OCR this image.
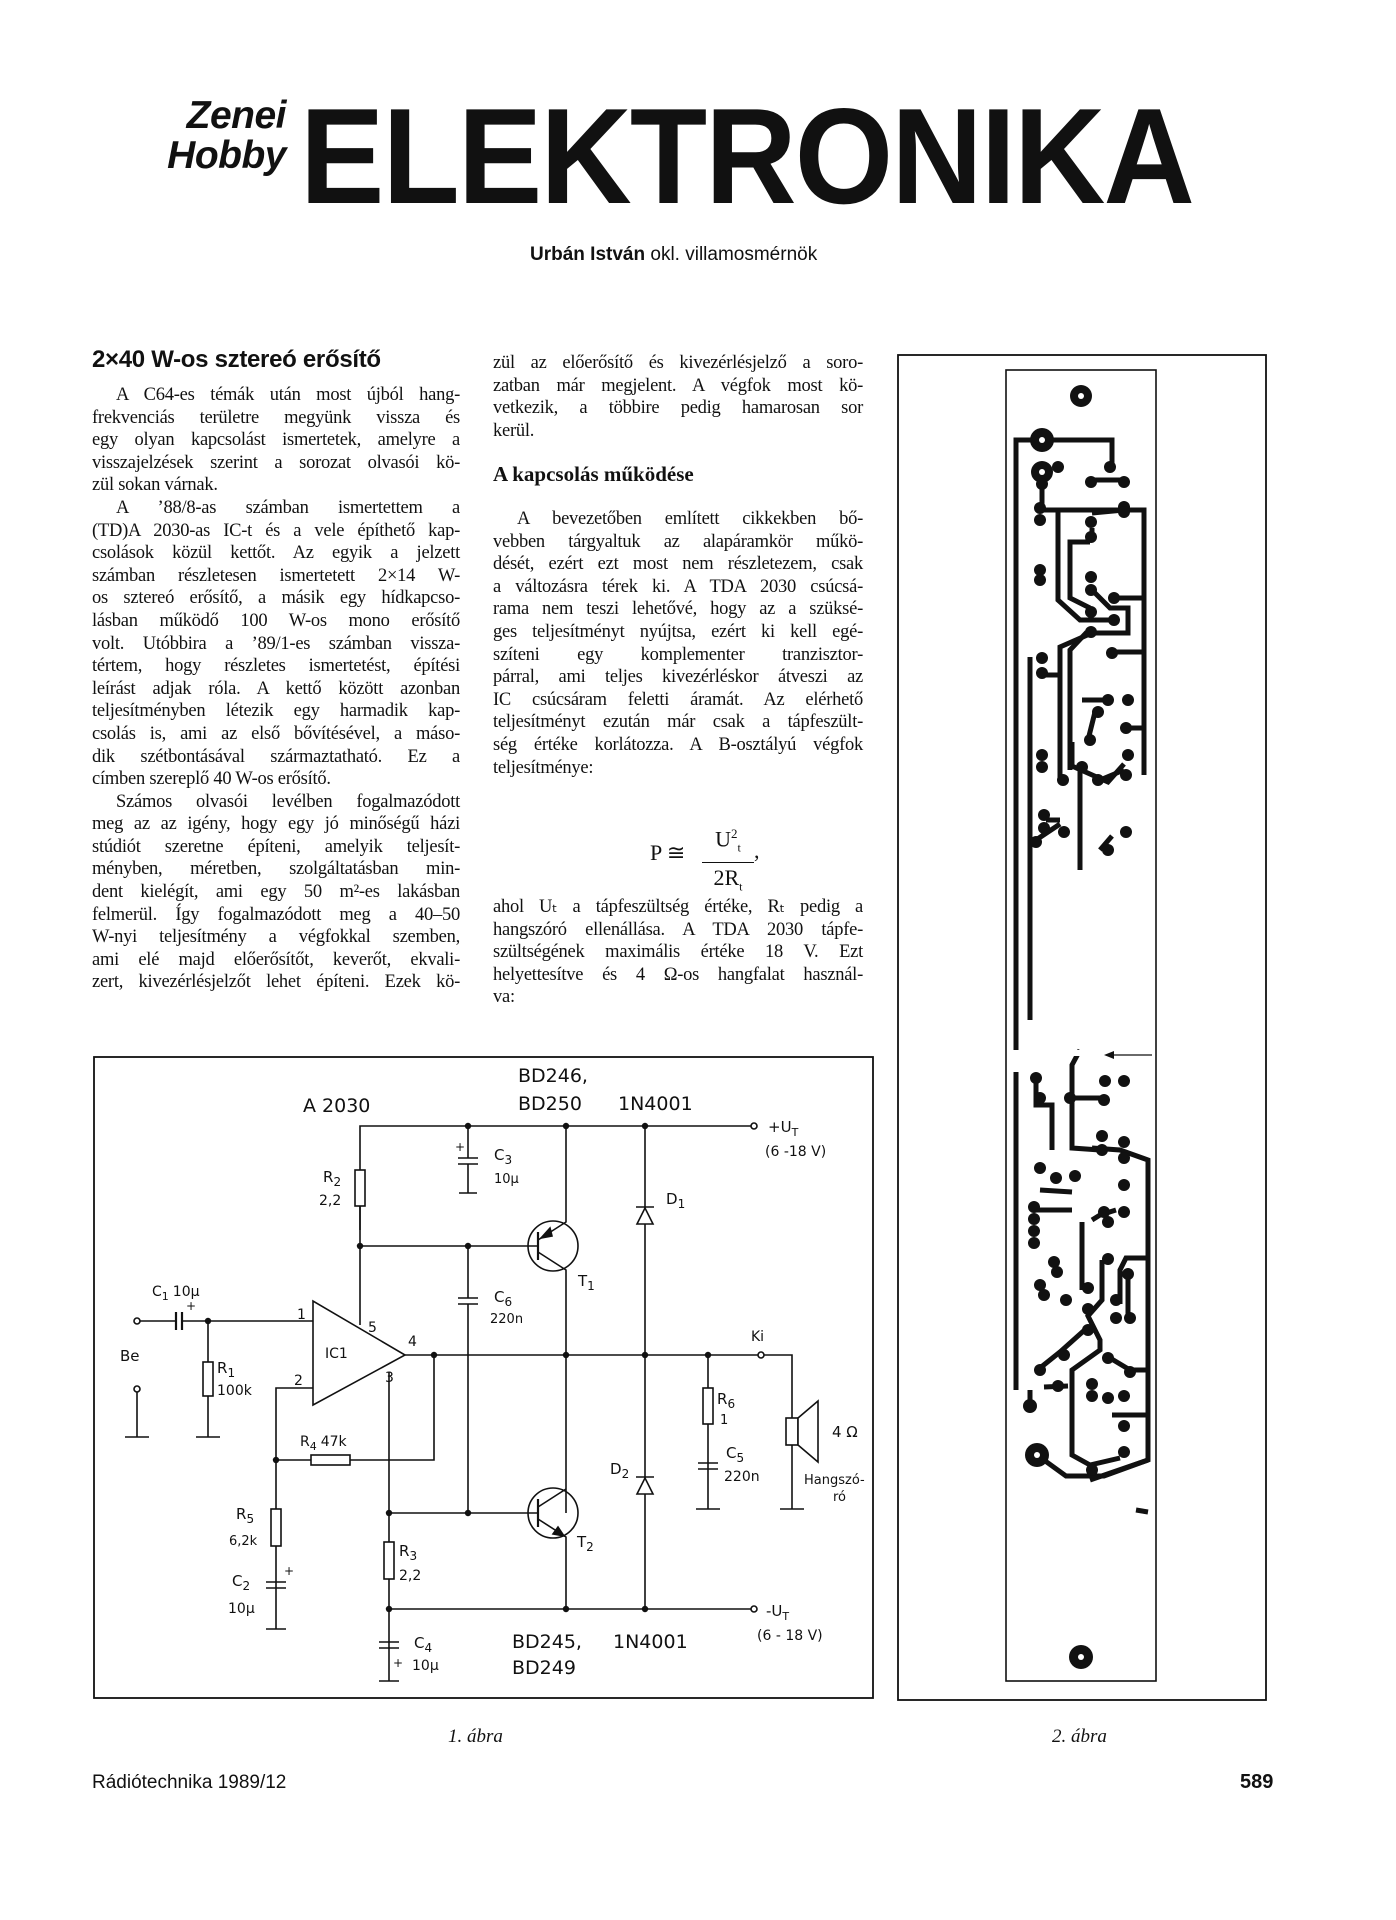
Zenei
Hobby ELEKTRONIKA
Urbán István okl. villamosmérnök
2×40 W-os sztereó erősítő
A C64-es témák után most újból hang-
frekvenciás területre megyünk vissza és
egy olyan kapcsolást ismertetek, amelyre a
visszajelzések szerint a sorozat olvasói kö-
zül sokan várnak.
A ’88/8-as számban ismertettem a
(TD)A 2030-as IC-t és a vele építhető kap-
csolások közül kettőt. Az egyik a jelzett
számban részletesen ismertetett 2×14 W-
os sztereó erősítő, a másik egy hídkapcso-
lásban működő 100 W-os mono erősítő
volt. Utóbbira a ’89/1-es számban vissza-
tértem, hogy részletes ismertetést, építési
leírást adjak róla. A kettő között azonban
teljesítményben létezik egy harmadik kap-
csolás is, ami az első bővítésével, a máso-
dik szétbontásával származtatható. Ez a
címben szereplő 40 W-os erősítő.
Számos olvasói levélben fogalmazódott
meg az az igény, hogy egy jó minőségű házi
stúdiót szeretne építeni, amelyik teljesít-
ményben, méretben, szolgáltatásban min-
dent kielégít, ami egy 50 m²-es lakásban
felmerül. Így fogalmazódott meg a 40–50
W-nyi teljesítmény a végfokkal szemben,
ami elé majd előerősítőt, keverőt, ekvali-
zert, kivezérlésjelzőt lehet építeni. Ezek kö-
zül az előerősítő és kivezérlésjelző a soro-
zatban már megjelent. A végfok most kö-
vetkezik, a többire pedig hamarosan sor
kerül.
A kapcsolás működése
A bevezetőben említett cikkekben bő-
vebben tárgyaltuk az alapáramkör műkö-
dését, ezért ezt most nem részletezem, csak
a változásra térek ki. A TDA 2030 csúcsá-
rama nem teszi lehetővé, hogy az a szüksé-
ges teljesítményt nyújtsa, ezért ki kell egé-
szíteni egy komplementer tranzisztor-
párral, ami teljes kivezérléskor átveszi az
IC csúcsáram feletti áramát. Az elérhető
teljesítményt ezután már csak a tápfeszült-
ség értéke korlátozza. A B-osztályú végfok
teljesítménye:
P ≅ $\frac{U^2_t}{2R_t}$ ,
ahol Uₜ a tápfeszültség értéke, Rₜ pedig a
hangszóró ellenállása. A TDA 2030 tápfe-
szültségének maximális értéke 18 V. Ezt
helyettesítve és 4 Ω-os hangfalat használ-
va:
A 2030
BD246,
BD250 1N4001
$+U_T$
(6 -18 V)
$R_2$
2,2
$C_3$
10µ
+
$D_1$
$T_1$
$C_6$
220n
$C_1$ 10µ
+
Be
$R_1$
100k
1
2
5
4
3
IC1
$R_4$ 47k
$R_5$
6,2k
$C_2$
10µ
+
$R_3$
2,2
$C_4$
10µ
+
$T_2$
$D_2$
BD245,
BD249
1N4001
$-U_T$
(6 - 18 V)
Ki
$R_6$
1
$C_5$
220n
4 Ω
Hangszó-
ró
1. ábra	2. ábra
Rádiótechnika 1989/12	589
